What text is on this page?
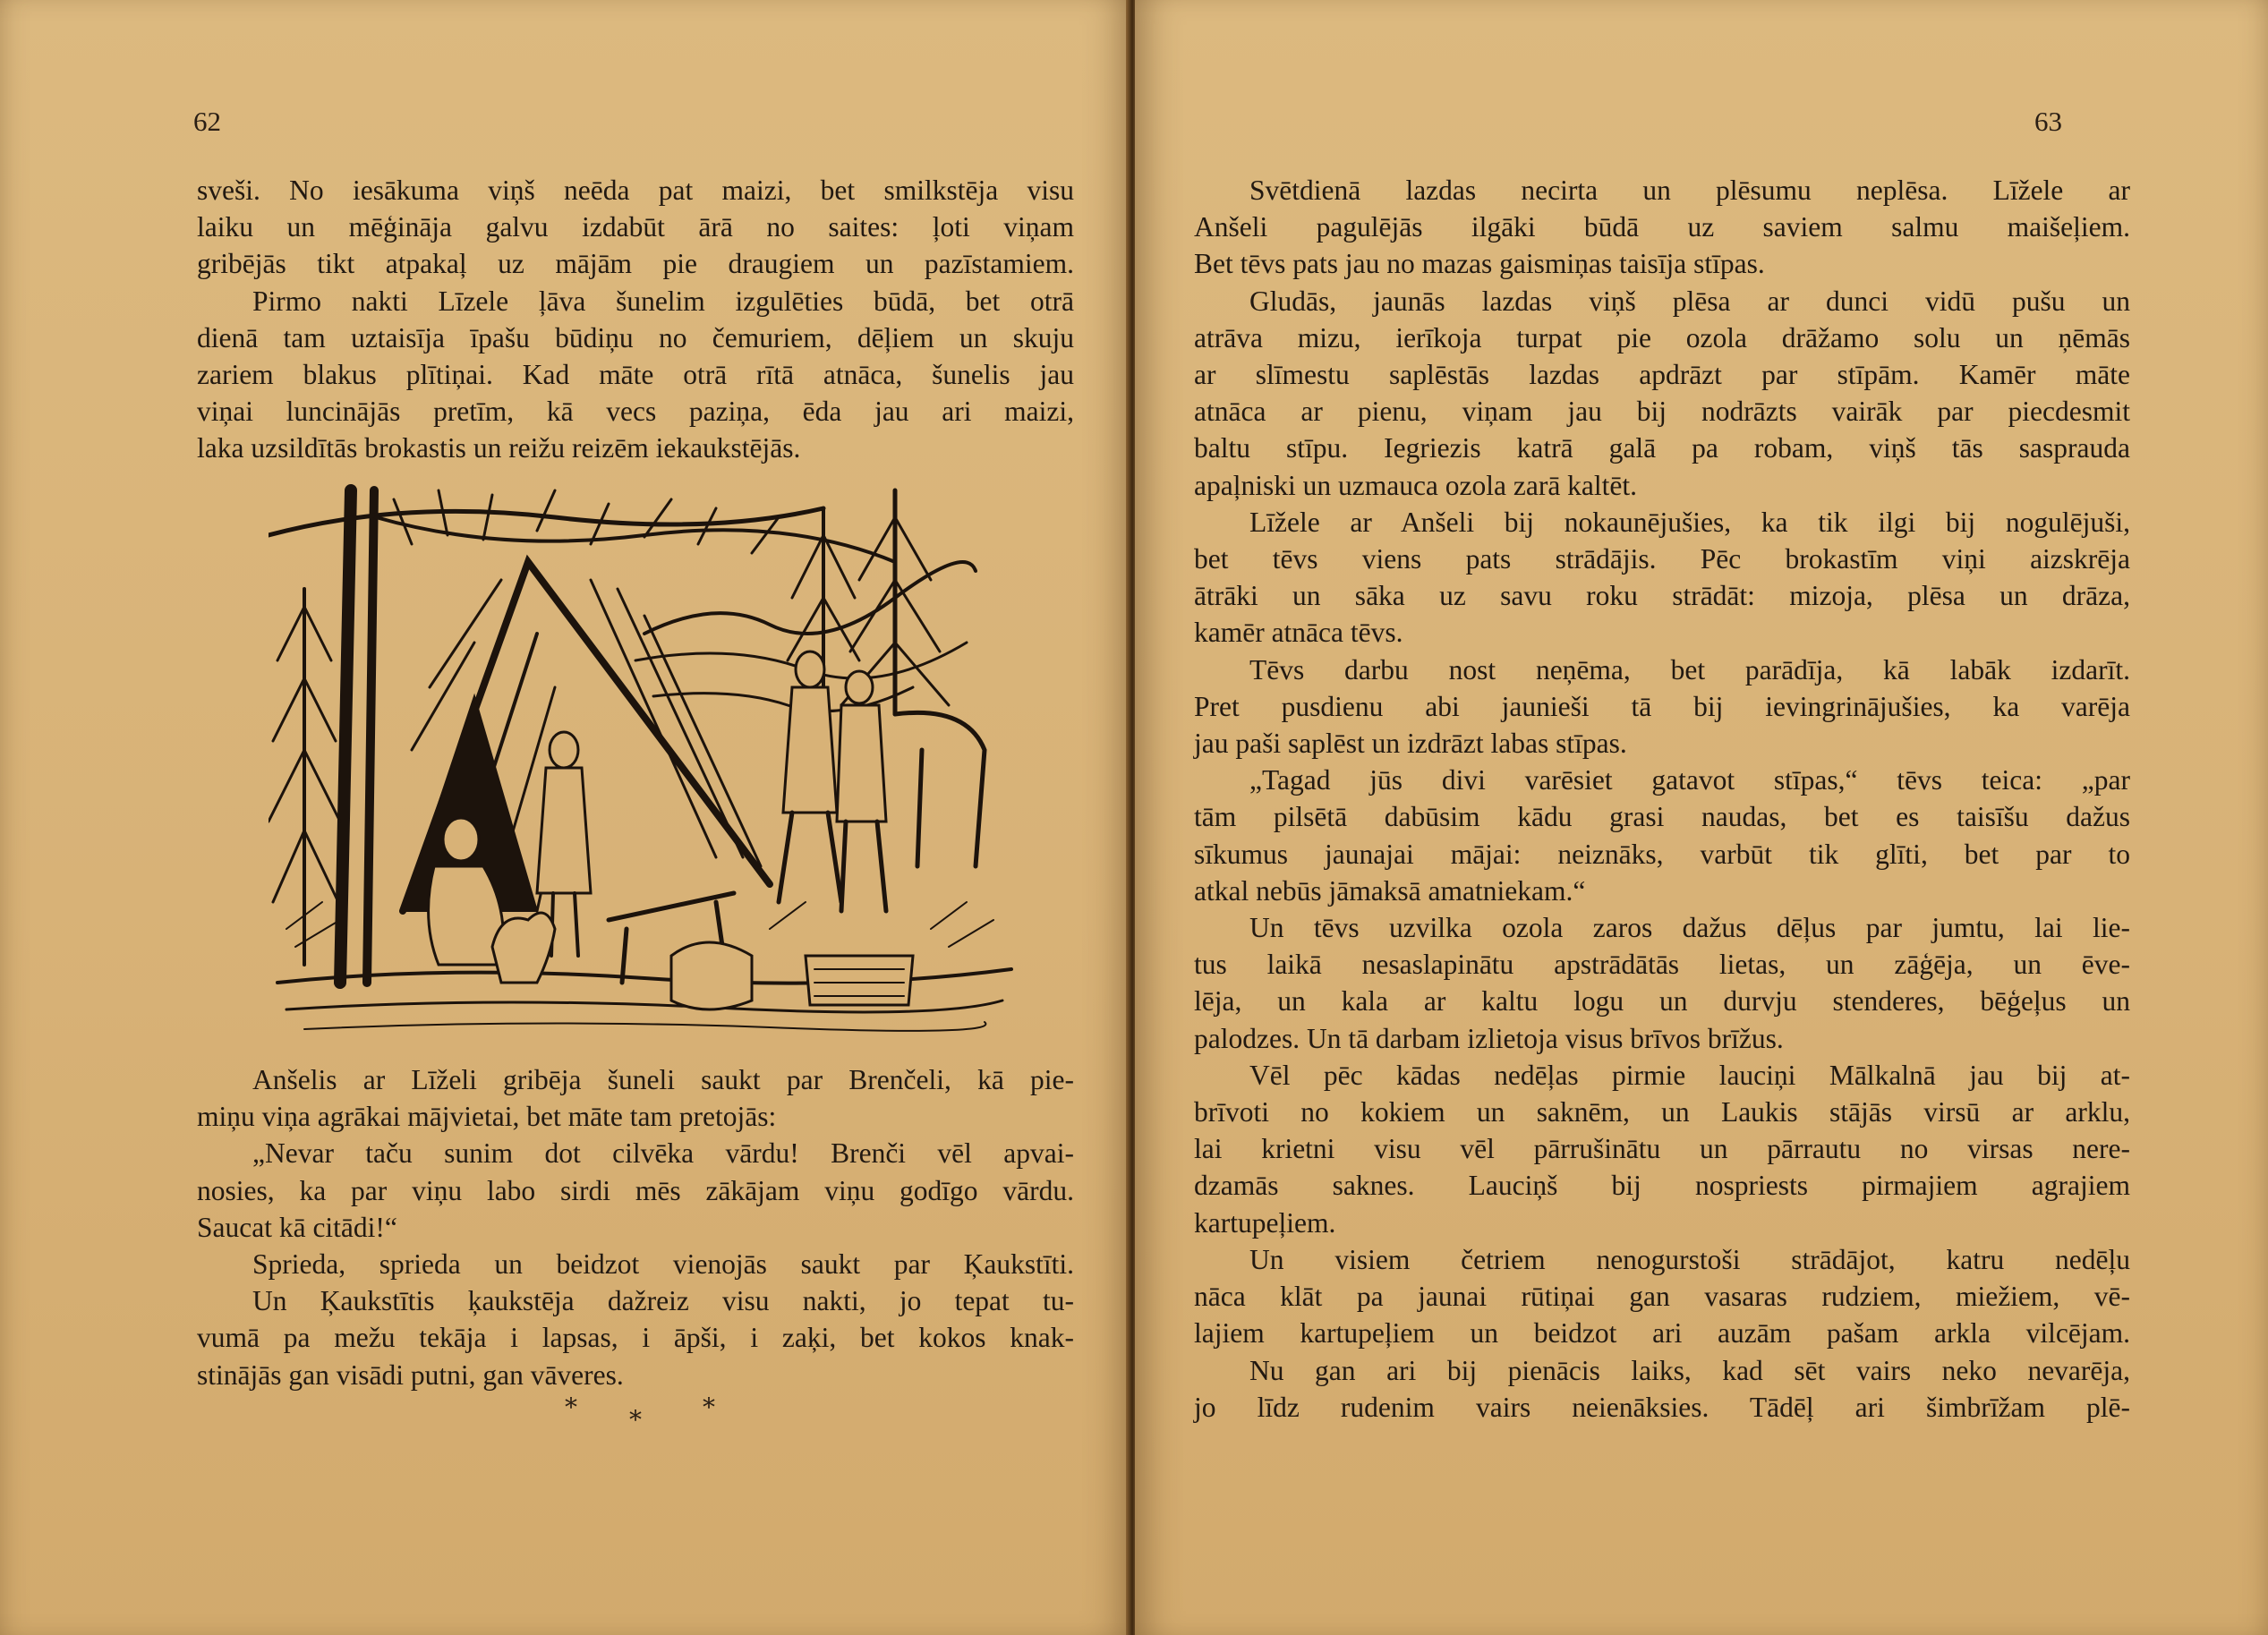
62
sveši. No iesākuma viņš neēda pat maizi, bet smilkstēja visu
laiku un mēģināja galvu izdabūt ārā no saites: ļoti viņam
gribējās tikt atpakaļ uz mājām pie draugiem un pazīstamiem.
Pirmo nakti Līzele ļāva šunelim izgulēties būdā, bet otrā
dienā tam uztaisīja īpašu būdiņu no čemuriem, dēļiem un skuju
zariem blakus plītiņai. Kad māte otrā rītā atnāca, šunelis jau
viņai luncinājās pretīm, kā vecs paziņa, ēda jau ari maizi,
laka uzsildītās brokastis un reižu reizēm iekaukstējās.
Anšelis ar Līželi gribēja šuneli saukt par Brenčeli, kā pie-
miņu viņa agrākai mājvietai, bet māte tam pretojās:
„Nevar taču sunim dot cilvēka vārdu! Brenči vēl apvai-
nosies, ka par viņu labo sirdi mēs zākājam viņu godīgo vārdu.
Saucat kā citādi!“
Sprieda, sprieda un beidzot vienojās saukt par Ķaukstīti.
Un Ķaukstītis ķaukstēja dažreiz visu nakti, jo tepat tu-
vumā pa mežu tekāja i lapsas, i āpši, i zaķi, bet kokos knak-
stinājās gan visādi putni, gan vāveres.
* * *
63
Svētdienā lazdas necirta un plēsumu neplēsa. Līžele ar
Anšeli pagulējās ilgāki būdā uz saviem salmu maišeļiem.
Bet tēvs pats jau no mazas gaismiņas taisīja stīpas.
Gludās, jaunās lazdas viņš plēsa ar dunci vidū pušu un
atrāva mizu, ierīkoja turpat pie ozola drāžamo solu un ņēmās
ar slīmestu saplēstās lazdas apdrāzt par stīpām. Kamēr māte
atnāca ar pienu, viņam jau bij nodrāzts vairāk par piecdesmit
baltu stīpu. Iegriezis katrā galā pa robam, viņš tās sasprauda
apaļniski un uzmauca ozola zarā kaltēt.
Līžele ar Anšeli bij nokaunējušies, ka tik ilgi bij nogulējuši,
bet tēvs viens pats strādājis. Pēc brokastīm viņi aizskrēja
ātrāki un sāka uz savu roku strādāt: mizoja, plēsa un drāza,
kamēr atnāca tēvs.
Tēvs darbu nost neņēma, bet parādīja, kā labāk izdarīt.
Pret pusdienu abi jaunieši tā bij ievingrinājušies, ka varēja
jau paši saplēst un izdrāzt labas stīpas.
„Tagad jūs divi varēsiet gatavot stīpas,“ tēvs teica: „par
tām pilsētā dabūsim kādu grasi naudas, bet es taisīšu dažus
sīkumus jaunajai mājai: neiznāks, varbūt tik glīti, bet par to
atkal nebūs jāmaksā amatniekam.“
Un tēvs uzvilka ozola zaros dažus dēļus par jumtu, lai lie-
tus laikā nesaslapinātu apstrādātās lietas, un zāģēja, un ēve-
lēja, un kala ar kaltu logu un durvju stenderes, bēģeļus un
palodzes. Un tā darbam izlietoja visus brīvos brīžus.
Vēl pēc kādas nedēļas pirmie lauciņi Mālkalnā jau bij at-
brīvoti no kokiem un saknēm, un Laukis stājās virsū ar arklu,
lai krietni visu vēl pārrušinātu un pārrautu no virsas nere-
dzamās saknes. Lauciņš bij nospriests pirmajiem agrajiem
kartupeļiem.
Un visiem četriem nenogurstoši strādājot, katru nedēļu
nāca klāt pa jaunai rūtiņai gan vasaras rudziem, miežiem, vē-
lajiem kartupeļiem un beidzot ari auzām pašam arkla vilcējam.
Nu gan ari bij pienācis laiks, kad sēt vairs neko nevarēja,
jo līdz rudenim vairs neienāksies. Tādēļ ari šimbrīžam plē-
